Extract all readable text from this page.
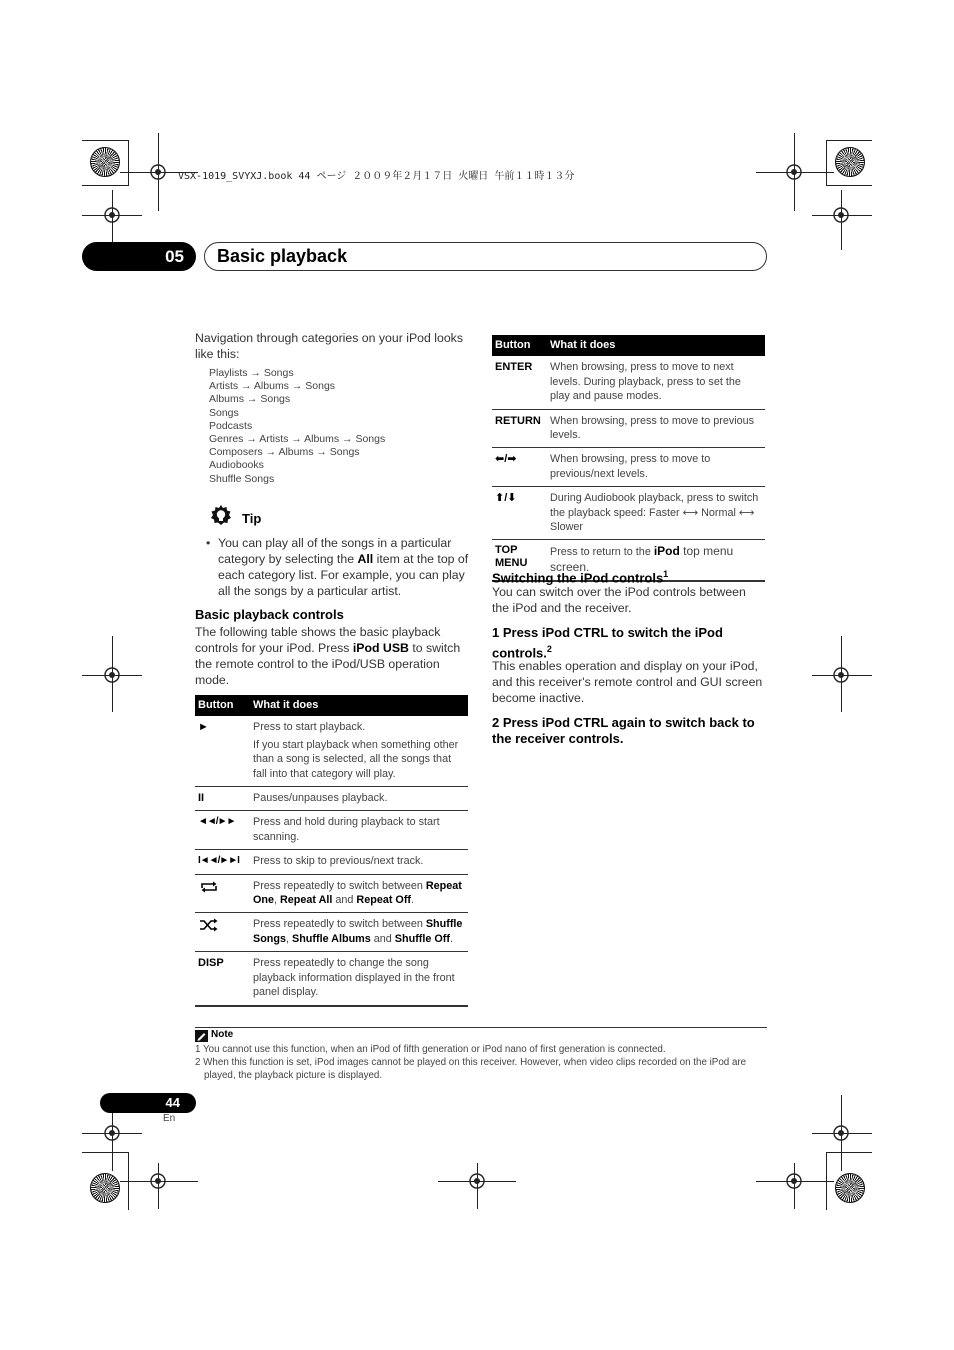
VSX-1019_SVYXJ.book 44 ページ ２００９年２月１７日 火曜日 午前１１時１３分
05	Basic playback
Navigation through categories on your iPod looks like this:
Playlists → Songs
Artists → Albums → Songs
Albums → Songs
Songs
Podcasts
Genres → Artists → Albums → Songs
Composers → Albums → Songs
Audiobooks
Shuffle Songs
Tip
• You can play all of the songs in a particular category by selecting the All item at the top of each category list. For example, you can play all the songs by a particular artist.
Basic playback controls
The following table shows the basic playback controls for your iPod. Press iPod USB to switch the remote control to the iPod/USB operation mode.
Button	What it does
►	Press to start playback.
If you start playback when something other than a song is selected, all the songs that fall into that category will play.

II	Pauses/unpauses playback.
◄◄/►►	Press and hold during playback to start scanning.
I◄◄/►►I	Press to skip to previous/next track.
	Press repeatedly to switch between Repeat One, Repeat All and Repeat Off.
	Press repeatedly to switch between Shuffle Songs, Shuffle Albums and Shuffle Off.
DISP	Press repeatedly to change the song playback information displayed in the front panel display.
Button	What it does
ENTER	When browsing, press to move to next levels. During playback, press to set the play and pause modes.
RETURN	When browsing, press to move to previous levels.
⬅/➡	When browsing, press to move to previous/next levels.
⬆/⬇	During Audiobook playback, press to switch the playback speed: Faster ⟷ Normal ⟷ Slower
TOP MENU	Press to return to the iPod top menu screen.
Switching the iPod controls$^1$
You can switch over the iPod controls between the iPod and the receiver.
1 Press iPod CTRL to switch the iPod controls.$^2$
This enables operation and display on your iPod, and this receiver's remote control and GUI screen become inactive.
2 Press iPod CTRL again to switch back to the receiver controls.
Note
1 You cannot use this function, when an iPod of fifth generation or iPod nano of first generation is connected.
2 When this function is set, iPod images cannot be played on this receiver. However, when video clips recorded on the iPod are played, the playback picture is displayed.
44
En
